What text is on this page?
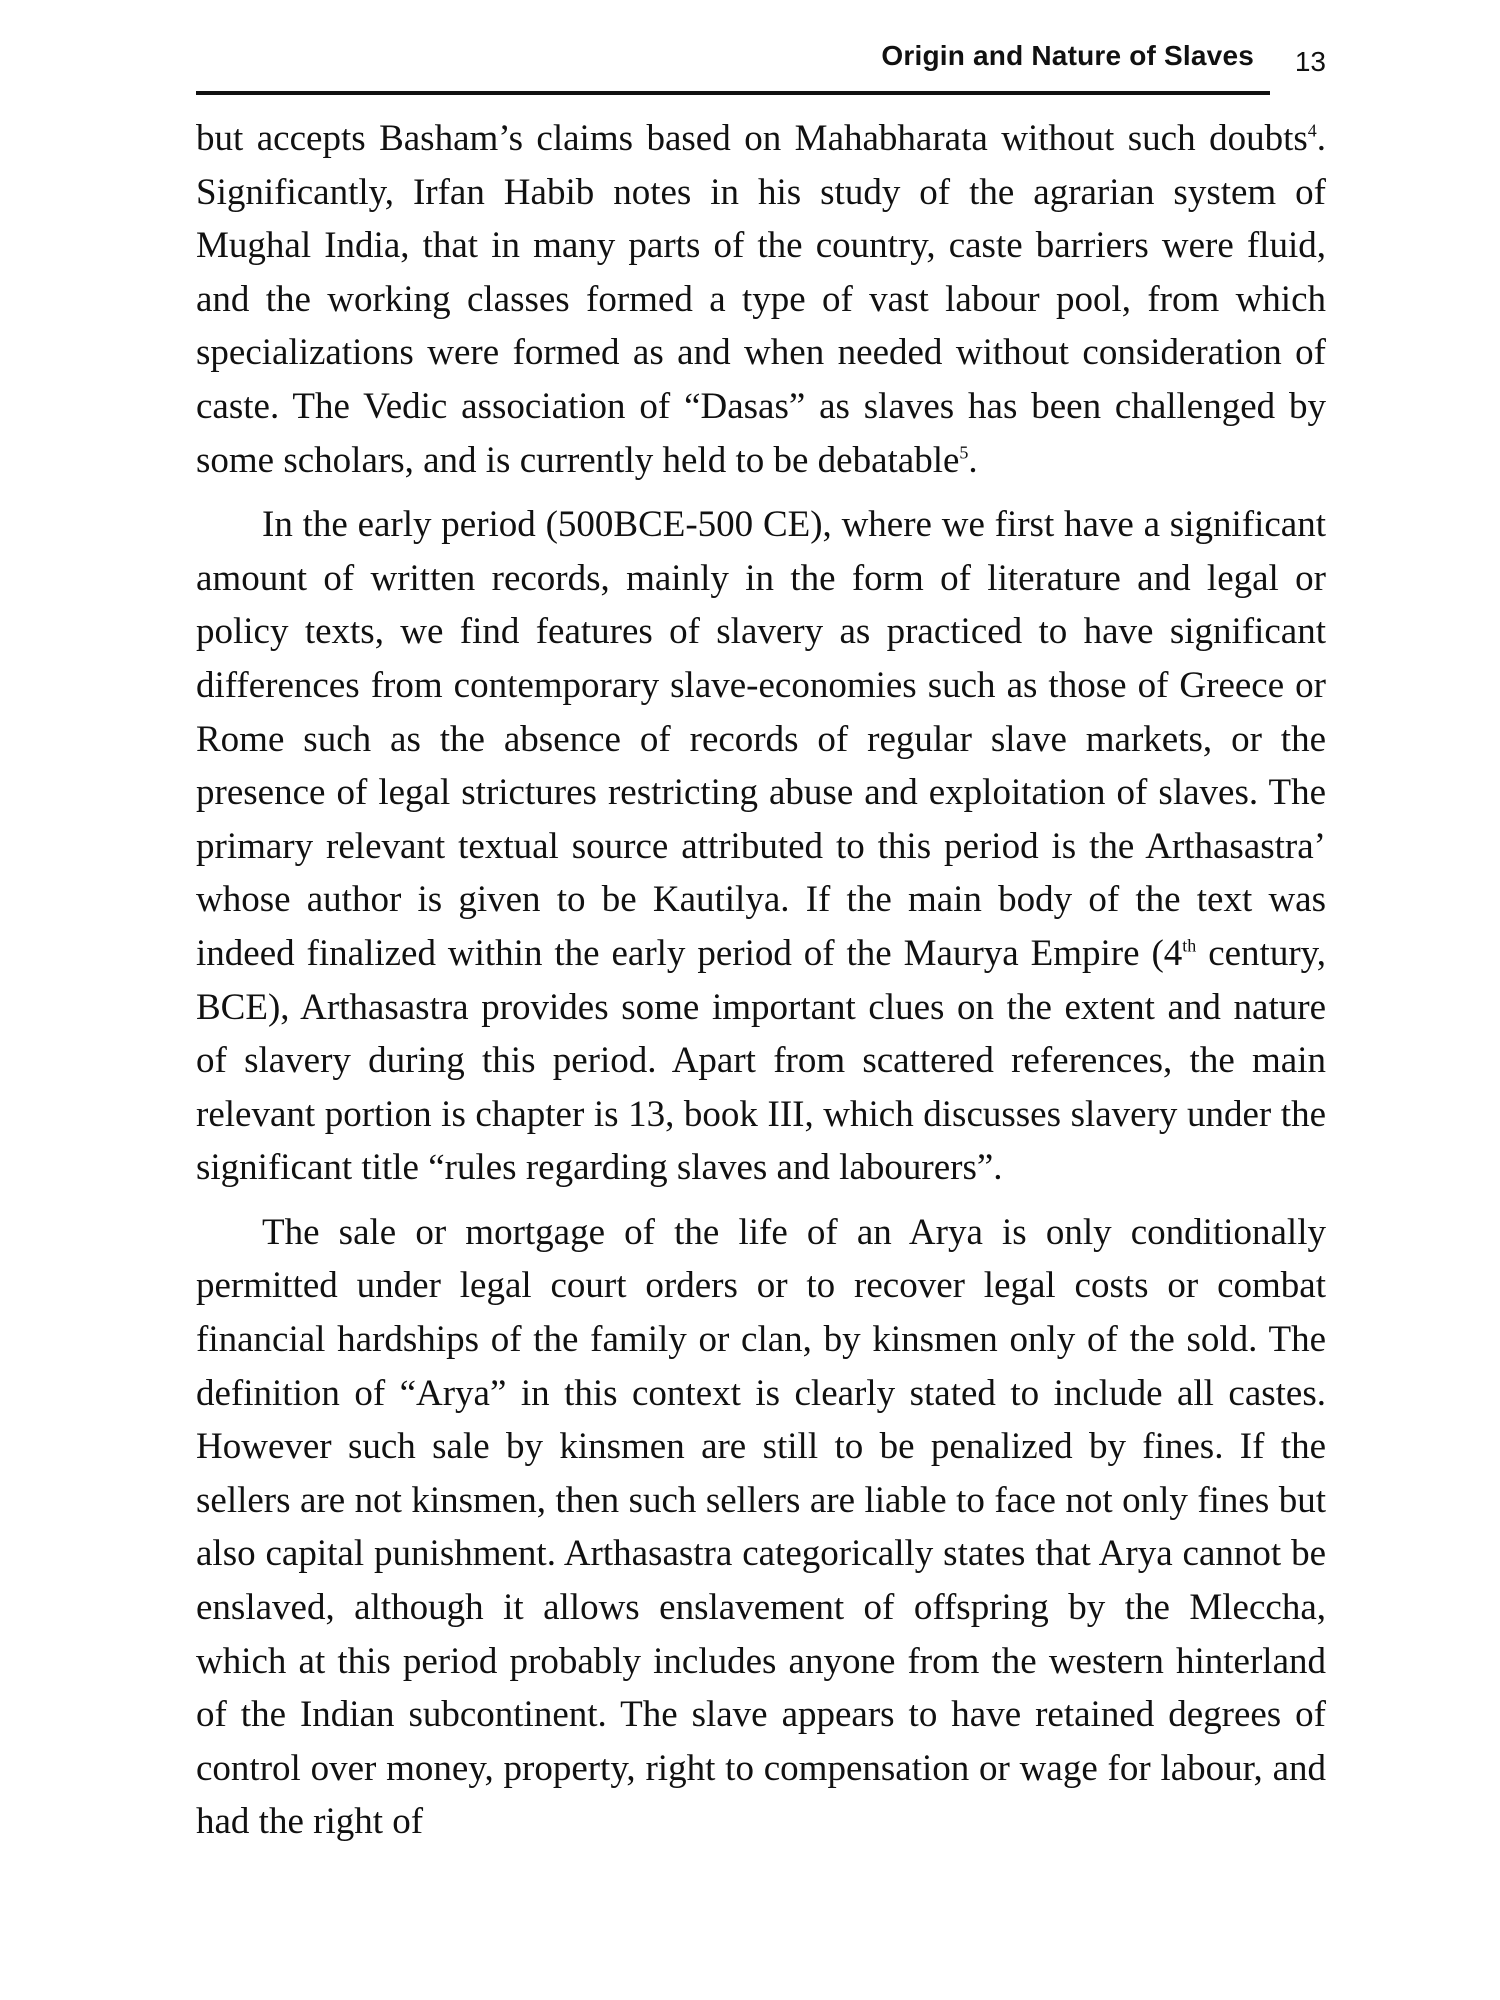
Origin and Nature of Slaves 13

but accepts Basham’s claims based on Mahabharata without such doubts$^4$. Significantly, Irfan Habib notes in his study of the agrarian system of Mughal India, that in many parts of the country, caste barriers were fluid, and the working classes formed a type of vast labour pool, from which specializations were formed as and when needed without consideration of caste. The Vedic association of “Dasas” as slaves has been challenged by some scholars, and is currently held to be debatable$^5$.

In the early period (500BCE-500 CE), where we first have a significant amount of written records, mainly in the form of literature and legal or policy texts, we find features of slavery as practiced to have significant differences from contemporary slave-economies such as those of Greece or Rome such as the absence of records of regular slave markets, or the presence of legal strictures restricting abuse and exploitation of slaves. The primary relevant textual source attributed to this period is the Arthasastra’ whose author is given to be Kautilya. If the main body of the text was indeed finalized within the early period of the Maurya Empire (4th century, BCE), Arthasastra provides some important clues on the extent and nature of slavery during this period. Apart from scattered references, the main relevant portion is chapter is 13, book III, which discusses slavery under the significant title “rules regarding slaves and labourers”.

The sale or mortgage of the life of an Arya is only conditionally permitted under legal court orders or to recover legal costs or combat financial hardships of the family or clan, by kinsmen only of the sold. The definition of “Arya” in this context is clearly stated to include all castes. However such sale by kinsmen are still to be penalized by fines. If the sellers are not kinsmen, then such sellers are liable to face not only fines but also capital punishment. Arthasastra categorically states that Arya cannot be enslaved, although it allows enslavement of offspring by the Mleccha, which at this period probably includes anyone from the western hinterland of the Indian subcontinent. The slave appears to have retained degrees of control over money, property, right to compensation or wage for labour, and had the right of
